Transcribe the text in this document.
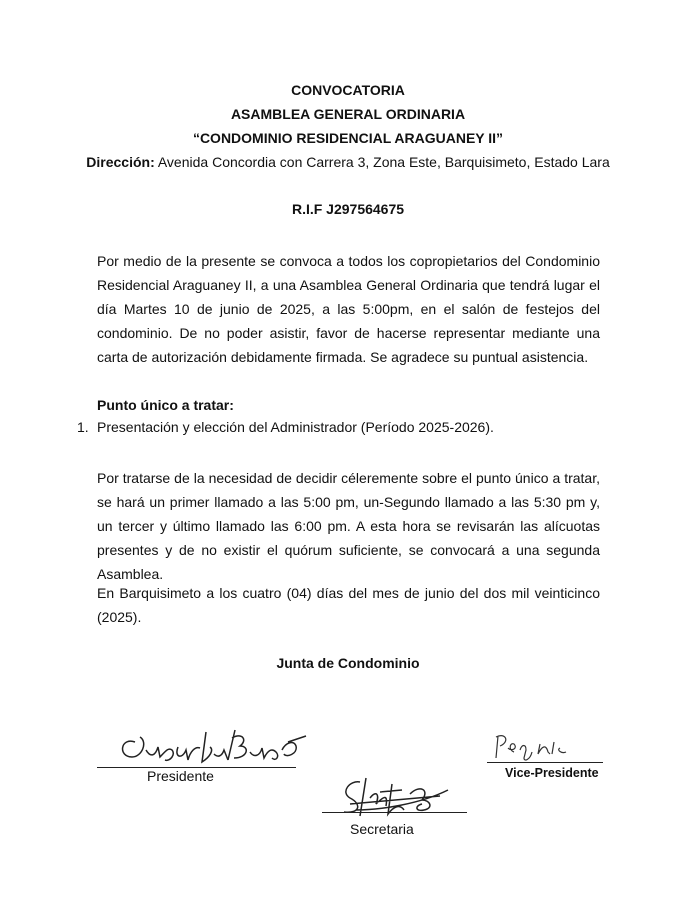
CONVOCATORIA
ASAMBLEA GENERAL ORDINARIA
“CONDOMINIO RESIDENCIAL ARAGUANEY II”
Dirección: Avenida Concordia con Carrera 3, Zona Este, Barquisimeto, Estado Lara
R.I.F J297564675

Por medio de la presente se convoca a todos los copropietarios del Condominio Residencial Araguaney II, a una Asamblea General Ordinaria que tendrá lugar el día Martes 10 de junio de 2025, a las 5:00pm, en el salón de festejos del condominio. De no poder asistir, favor de hacerse representar mediante una carta de autorización debidamente firmada. Se agradece su puntual asistencia.

Punto único a tratar:
1. Presentación y elección del Administrador (Período 2025-2026).

Por tratarse de la necesidad de decidir céleremente sobre el punto único a tratar, se hará un primer llamado a las 5:00 pm, un-Segundo llamado a las 5:30 pm y, un tercer y último llamado las 6:00 pm. A esta hora se revisarán las alícuotas presentes y de no existir el quórum suficiente, se convocará a una segunda Asamblea.

En Barquisimeto a los cuatro (04) días del mes de junio del dos mil veinticinco (2025).

Junta de Condominio
Presidente	Vice-Presidente
Secretaria
